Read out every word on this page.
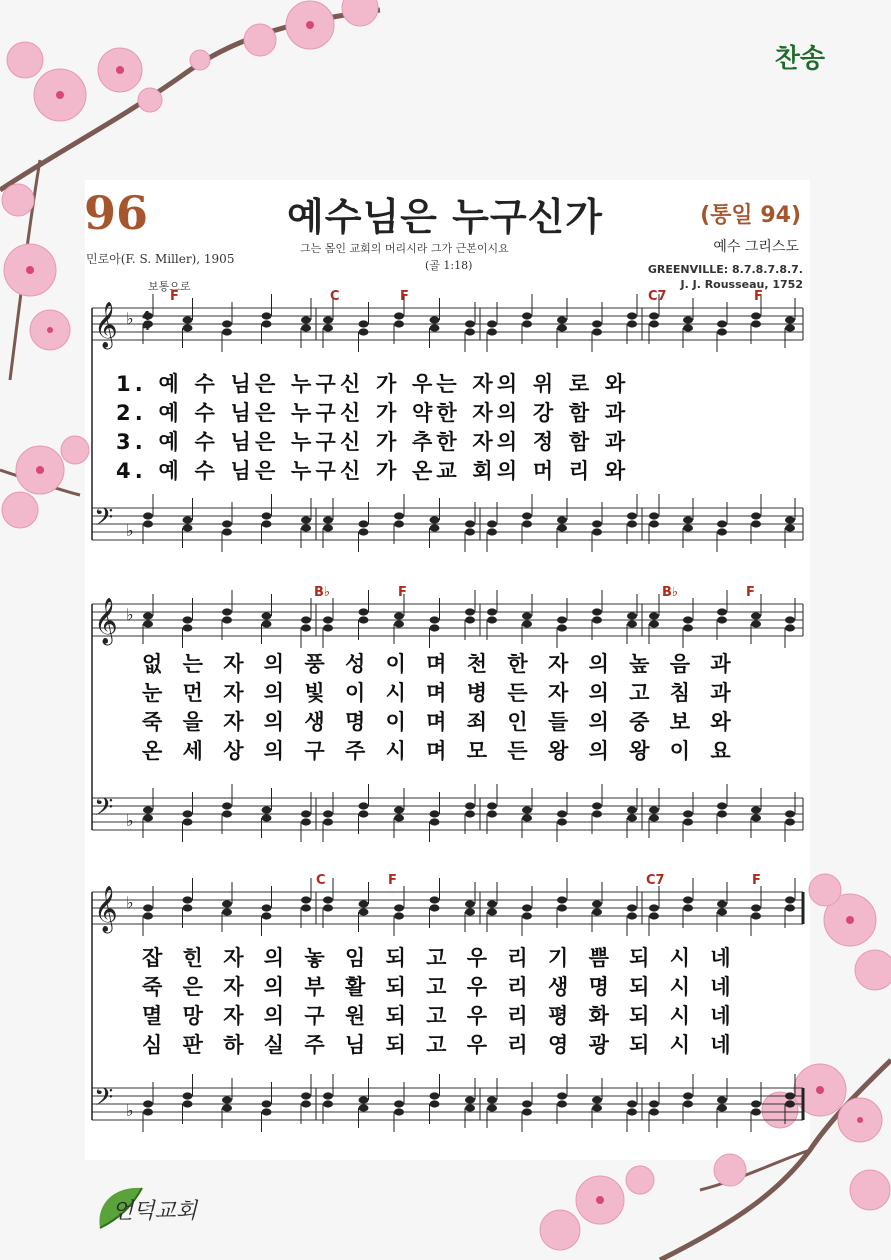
찬송
96	예수님은 누구신가	(통일 94)
그는 몸인 교회의 머리시라 그가 근본이시요
(골 1:18)
민로아(F. S. Miller), 1905
보통으로
예수 그리스도
GREENVILLE: 8.7.8.7.8.7.
J. J. Rousseau, 1752
𝄞 ♭
𝄢 ♭
F	C	F	C7	F
𝄞 ♭
𝄢 ♭
B♭	F	B♭	F
𝄞 ♭
𝄢 ♭
C	F	C7	F
4
4
1. 예 수 님은 누구신 가 우는 자의 위 로 와
2. 예 수 님은 누구신 가 약한 자의 강 함 과
3. 예 수 님은 누구신 가 추한 자의 정 함 과
4. 예 수 님은 누구신 가 온교 회의 머 리 와
없 는 자 의 풍 성 이 며 천 한 자 의 높 음 과
눈 먼 자 의 빛 이 시 며 병 든 자 의 고 침 과
죽 을 자 의 생 명 이 며 죄 인 들 의 중 보 와
온 세 상 의 구 주 시 며 모 든 왕 의 왕 이 요
잡 힌 자 의 놓 임 되 고 우 리 기 쁨 되 시 네
죽 은 자 의 부 활 되 고 우 리 생 명 되 시 네
멸 망 자 의 구 원 되 고 우 리 평 화 되 시 네
심 판 하 실 주 님 되 고 우 리 영 광 되 시 네
언덕교회
